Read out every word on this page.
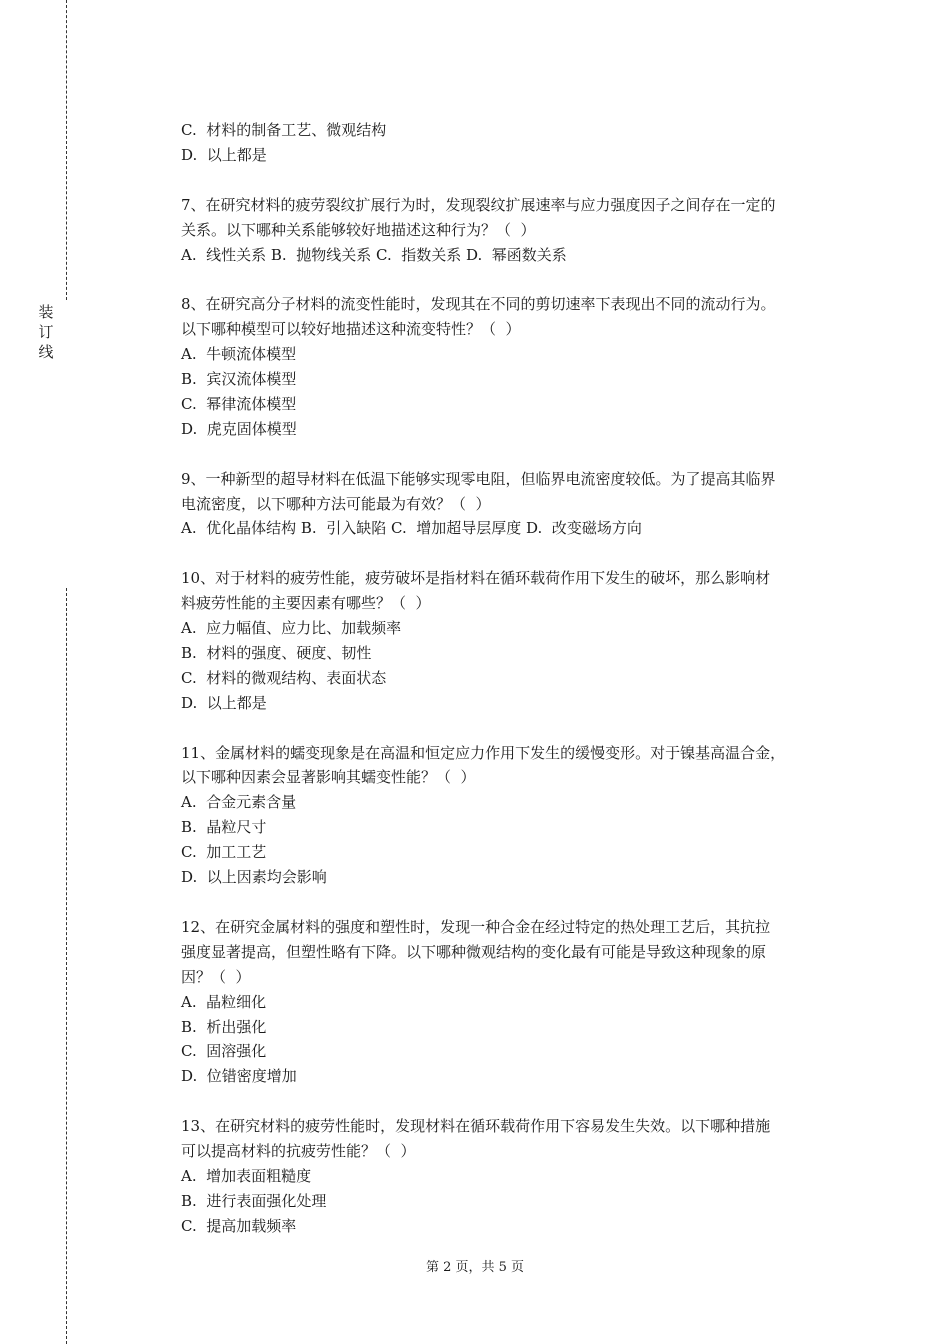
装订线
C.  材料的制备工艺、微观结构
D.  以上都是
7、在研究材料的疲劳裂纹扩展行为时，发现裂纹扩展速率与应力强度因子之间存在一定的
关系。以下哪种关系能够较好地描述这种行为？（  ）
A.  线性关系 B.  抛物线关系 C.  指数关系 D.  幂函数关系
8、在研究高分子材料的流变性能时，发现其在不同的剪切速率下表现出不同的流动行为。
以下哪种模型可以较好地描述这种流变特性？（  ）
A.  牛顿流体模型
B.  宾汉流体模型
C.  幂律流体模型
D.  虎克固体模型
9、一种新型的超导材料在低温下能够实现零电阻，但临界电流密度较低。为了提高其临界
电流密度，以下哪种方法可能最为有效？（  ）
A.  优化晶体结构 B.  引入缺陷 C.  增加超导层厚度 D.  改变磁场方向
10、对于材料的疲劳性能，疲劳破坏是指材料在循环载荷作用下发生的破坏，那么影响材
料疲劳性能的主要因素有哪些？（  ）
A.  应力幅值、应力比、加载频率
B.  材料的强度、硬度、韧性
C.  材料的微观结构、表面状态
D.  以上都是
11、金属材料的蠕变现象是在高温和恒定应力作用下发生的缓慢变形。对于镍基高温合金，
以下哪种因素会显著影响其蠕变性能？（  ）
A.  合金元素含量
B.  晶粒尺寸
C.  加工工艺
D.  以上因素均会影响
12、在研究金属材料的强度和塑性时，发现一种合金在经过特定的热处理工艺后，其抗拉
强度显著提高，但塑性略有下降。以下哪种微观结构的变化最有可能是导致这种现象的原
因？（  ）
A.  晶粒细化
B.  析出强化
C.  固溶强化
D.  位错密度增加
13、在研究材料的疲劳性能时，发现材料在循环载荷作用下容易发生失效。以下哪种措施
可以提高材料的抗疲劳性能？（  ）
A.  增加表面粗糙度
B.  进行表面强化处理
C.  提高加载频率
第 2 页，共 5 页
